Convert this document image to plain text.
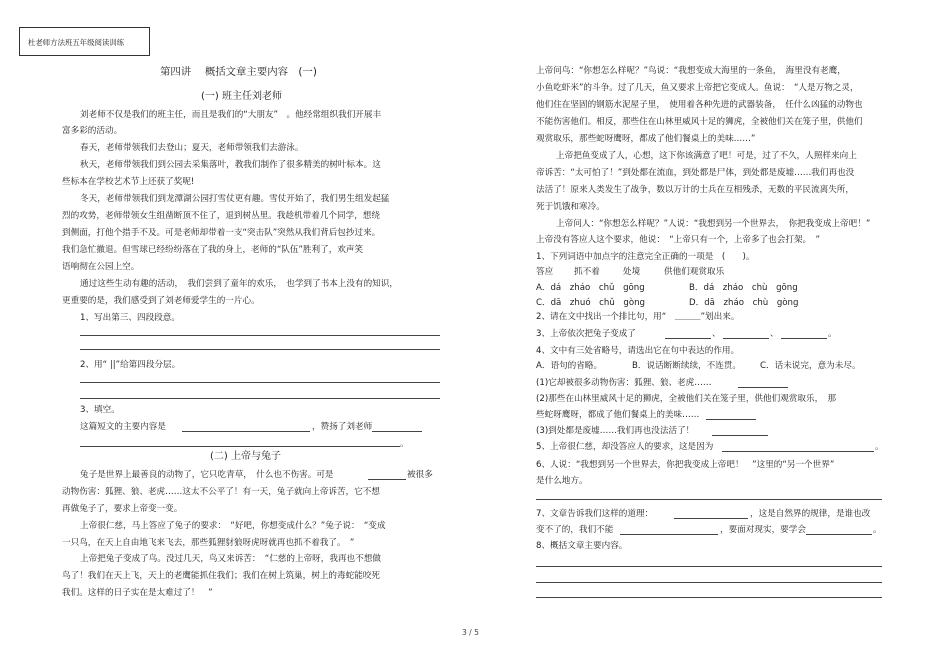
杜老师方法班五年级阅读训练
第四讲　 概括文章主要内容　(一)
(一) 班主任刘老师
刘老师不仅是我们的班主任，而且是我们的“大朋友”　。他经常组织我们开展丰
富多彩的活动。
春天，老师带领我们去登山；夏天，老师带领我们去游泳。
秋天，老师带领我们到公园去采集落叶，教我们制作了很多精美的树叶标本。这
些标本在学校艺术节上还获了奖呢!
冬天，老师带领我们到龙潭湖公园打雪仗更有趣。雪仗开始了，我们男生组发起猛
烈的攻势，老师带领女生组凿断顶不住了，退到树丛里。我趁机带着几个同学，想绕
到侧面，打他个措手不及。可是老师却带着一支“突击队”突然从我们背后包抄过来。
我们急忙撤退。但雪球已经纷纷落在了我的身上，老师的“队伍”胜利了，欢声笑
语响彻在公园上空。
通过这些生动有趣的活动，　我们尝到了童年的欢乐，　也学到了书本上没有的知识，
更重要的是，我们感受到了刘老师爱学生的一片心。
1、写出第三、四段段意。
2、用“ ||”给第四段分层。
3、填空。
这篇短文的主要内容是	，赞扬了刘老师
。
(二) 上帝与兔子
兔子是世界上最善良的动物了，它只吃青草，　什么也不伤害。可是	被很多
动物伤害：狐狸、狼、老虎……这太不公平了！有一天，兔子就向上帝诉苦，它不想
再做兔子了，要求上帝变一变。
上帝很仁慈，马上答应了兔子的要求：　“好吧，你想变成什么？”兔子说：　“变成
一只鸟，在天上自由地飞来飞去，那些狐狸豺狼呀虎呀就再也抓不着我了。　”
上帝把兔子变成了鸟。没过几天，鸟又来诉苦：　“仁慈的上帝呀，我再也不想做
鸟了！我们在天上飞，天上的老鹰能抓住我们；我们在树上筑巢，树上的毒蛇能咬死
我们。这样的日子实在是太难过了！　”
上帝问鸟：“你想怎么样呢？”鸟说：“我想变成大海里的一条鱼，　海里没有老鹰，
小鱼吃虾米”的斗争。过了几天，鱼又要求上帝把它变成人。鱼说：　“人是万物之灵，
他们住在坚固的钢筋水泥屋子里，　使用着各种先进的武器装备，　任什么凶猛的动物也
不能伤害他们。相反，那些住在山林里威风十足的狮虎，全被他们关在笼子里，供他们
观赏取乐，那些蛇呀鹰呀，都成了他们餐桌上的美味……”
上帝把鱼变成了人，心想，这下你该满意了吧！可是，过了不久，人照样来向上
帝诉苦：“太可怕了！”到处都在流血，到处都是尸体，到处都是废墟……我们再也没
法活了！原来人类发生了战争，数以万计的士兵在互相残杀，无数的平民流离失所，
死于饥饿和寒冷。
上帝问人：“你想怎么样呢？”人说：“我想到另一个世界去，　你把我变成上帝吧！”
上帝没有答应人这个要求，他说：　“上帝只有一个，上帝多了也会打架。　”
1、下列词语中加点字的注意完全正确的一项是　(　　)。
答应 抓不着	处境	供他们观赏取乐
A．dá　zháo　chǔ　gōng	B．dá　zháo　chù　gōng
C．dā　zhuó　chǔ　gòng	D．dā　zháo　chù　gòng
2、请在文中找出一个排比句，用“　＿＿＿”划出来。
3、上帝依次把兔子变成了	、	、	。
4、文中有三处省略号，请选出它在句中表达的作用。
A．语句的省略。	B．说话断断续续，不连贯。 C．话未说完，意为未尽。
(1)它却被很多动物伤害：狐狸、狼、老虎……
(2)那些在山林里威风十足的狮虎，全被他们关在笼子里，供他们观赏取乐，　那
些蛇呀鹰呀，都成了他们餐桌上的美味……
(3)到处都是废墟……我们再也没法活了！
5、上帝很仁慈，却没答应人的要求，这是因为	。
6、人说：“我想到另一个世界去，你把我变成上帝吧！　”这里的“另一个世界”
是什么地方。
7、文章告诉我们这样的道理：	，这是自然界的规律，是谁也改
变不了的，我们不能	，要面对现实，要学会	。
8、概括文章主要内容。
3 / 5
